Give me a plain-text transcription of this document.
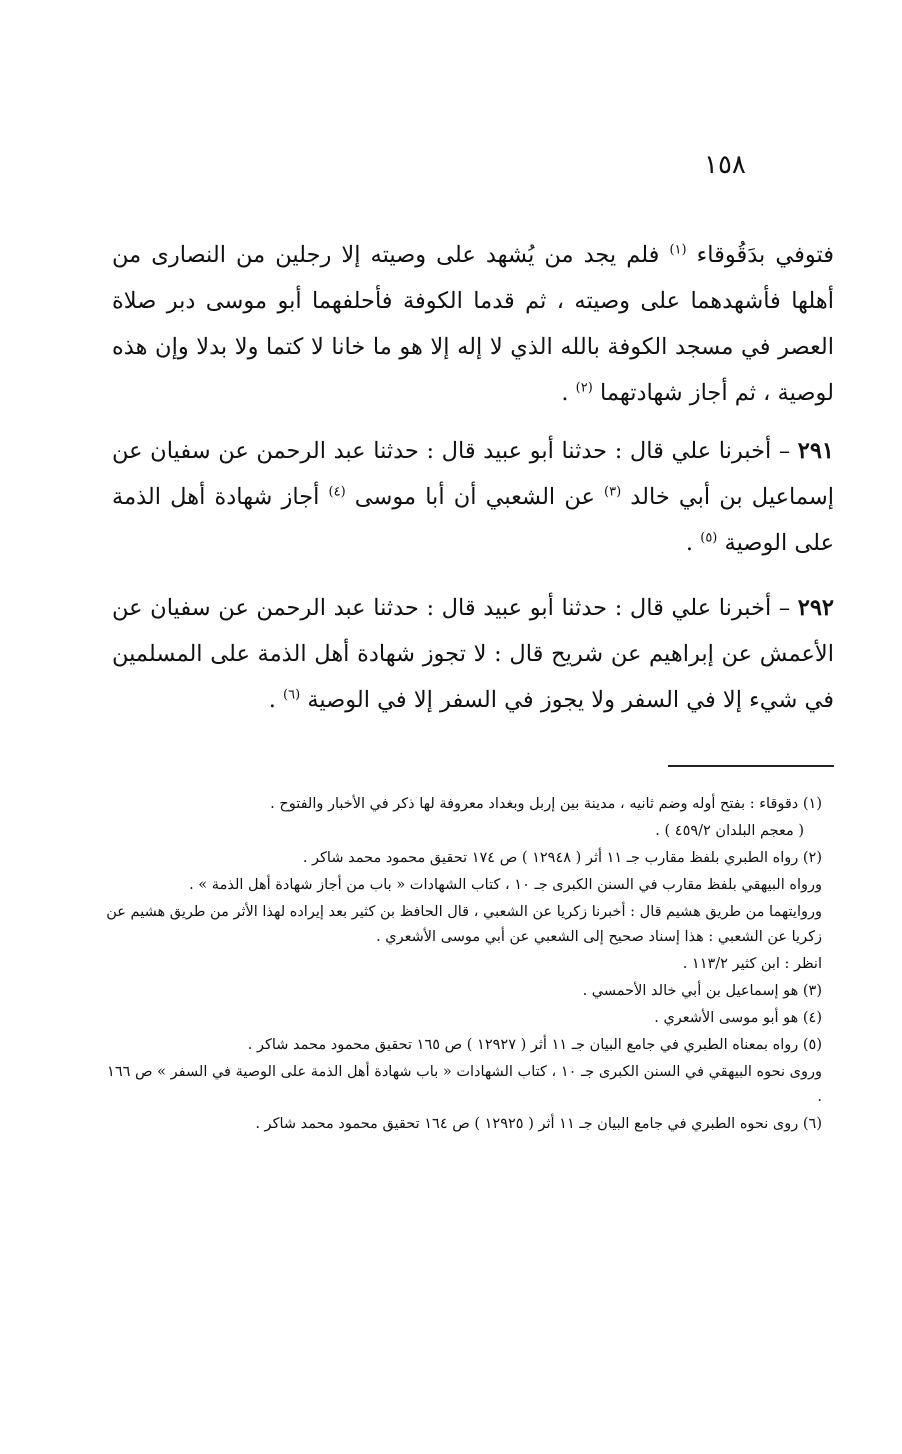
١٥٨
فتوفي بدَقُوقاء $^{(١)}$ فلم يجد من يُشهد على وصيته إلا رجلين من النصارى من أهلها فأشهدهما على وصيته ، ثم قدما الكوفة فأحلفهما أبو موسى دبر صلاة العصر في مسجد الكوفة بالله الذي لا إله إلا هو ما خانا لا كتما ولا بدلا وإن هذه لوصية ، ثم أجاز شهادتهما $^{(٢)}$ .
٢٩١ – أخبرنا علي قال : حدثنا أبو عبيد قال : حدثنا عبد الرحمن عن سفيان عن إسماعيل بن أبي خالد $^{(٣)}$ عن الشعبي أن أبا موسى $^{(٤)}$ أجاز شهادة أهل الذمة على الوصية $^{(٥)}$ .
٢٩٢ – أخبرنا علي قال : حدثنا أبو عبيد قال : حدثنا عبد الرحمن عن سفيان عن الأعمش عن إبراهيم عن شريح قال : لا تجوز شهادة أهل الذمة على المسلمين في شيء إلا في السفر ولا يجوز في السفر إلا في الوصية $^{(٦)}$ .
(١) دقوقاء : بفتح أوله وضم ثانيه ، مدينة بين إربل وبغداد معروفة لها ذكر في الأخبار والفتوح .
( معجم البلدان ٤٥٩/٢ ) .
(٢) رواه الطبري بلفظ مقارب جـ ١١ أثر ( ١٢٩٤٨ ) ص ١٧٤ تحقيق محمود محمد شاكر .
ورواه البيهقي بلفظ مقارب في السنن الكبرى جـ ١٠ ، كتاب الشهادات « باب من أجاز شهادة أهل الذمة » .
وروايتهما من طريق هشيم قال : أخبرنا زكريا عن الشعبي ، قال الحافظ بن كثير بعد إيراده لهذا الأثر من طريق هشيم عن زكريا عن الشعبي : هذا إسناد صحيح إلى الشعبي عن أبي موسى الأشعري .
انظر : ابن كثير ١١٣/٢ .
(٣) هو إسماعيل بن أبي خالد الأحمسي .
(٤) هو أبو موسى الأشعري .
(٥) رواه بمعناه الطبري في جامع البيان جـ ١١ أثر ( ١٢٩٢٧ ) ص ١٦٥ تحقيق محمود محمد شاكر .
وروى نحوه البيهقي في السنن الكبرى جـ ١٠ ، كتاب الشهادات « باب شهادة أهل الذمة على الوصية في السفر » ص ١٦٦ .
(٦) روى نحوه الطبري في جامع البيان جـ ١١ أثر ( ١٢٩٢٥ ) ص ١٦٤ تحقيق محمود محمد شاكر .
